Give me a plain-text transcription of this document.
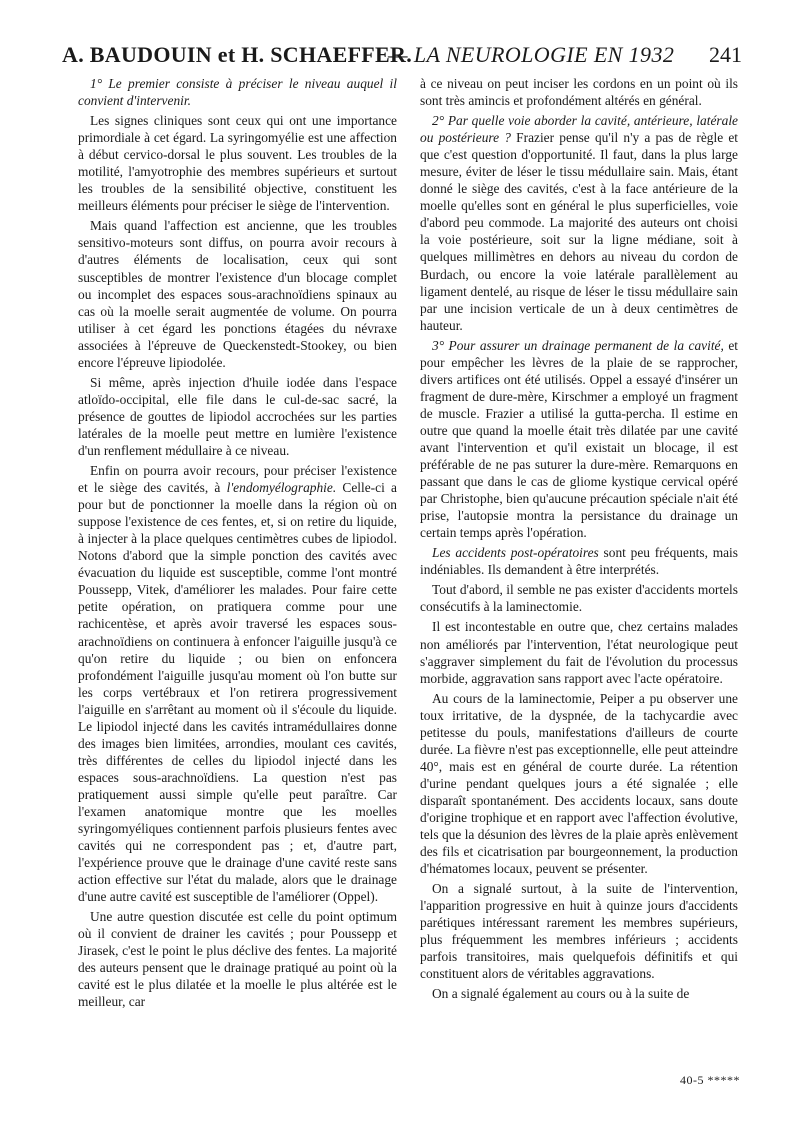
A. BAUDOUIN et H. SCHAEFFER.
— LA NEUROLOGIE EN 1932 241

1° Le premier consiste à préciser le niveau auquel il convient d'intervenir.

Les signes cliniques sont ceux qui ont une importance primordiale à cet égard. La syringomyélie est une affection à début cervico-dorsal le plus souvent. Les troubles de la motilité, l'amyotrophie des membres supérieurs et surtout les troubles de la sensibilité objective, constituent les meilleurs éléments pour préciser le siège de l'intervention.

Mais quand l'affection est ancienne, que les troubles sensitivo-moteurs sont diffus, on pourra avoir recours à d'autres éléments de localisation, ceux qui sont susceptibles de montrer l'existence d'un blocage complet ou incomplet des espaces sous-arachnoïdiens spinaux au cas où la moelle serait augmentée de volume. On pourra utiliser à cet égard les ponctions étagées du névraxe associées à l'épreuve de Queckenstedt-Stookey, ou bien encore l'épreuve lipiodolée.

Si même, après injection d'huile iodée dans l'espace atloïdo-occipital, elle file dans le cul-de-sac sacré, la présence de gouttes de lipiodol accrochées sur les parties latérales de la moelle peut mettre en lumière l'existence d'un renflement médullaire à ce niveau.

Enfin on pourra avoir recours, pour préciser l'existence et le siège des cavités, à l'endomyélographie. Celle-ci a pour but de ponctionner la moelle dans la région où on suppose l'existence de ces fentes, et, si on retire du liquide, à injecter à la place quelques centimètres cubes de lipiodol. Notons d'abord que la simple ponction des cavités avec évacuation du liquide est susceptible, comme l'ont montré Poussepp, Vitek, d'améliorer les malades. Pour faire cette petite opération, on pratiquera comme pour une rachicentèse, et après avoir traversé les espaces sous-arachnoïdiens on continuera à enfoncer l'aiguille jusqu'à ce qu'on retire du liquide ; ou bien on enfoncera profondément l'aiguille jusqu'au moment où l'on butte sur les corps vertébraux et l'on retirera progressivement l'aiguille en s'arrêtant au moment où il s'écoule du liquide. Le lipiodol injecté dans les cavités intramédullaires donne des images bien limitées, arrondies, moulant ces cavités, très différentes de celles du lipiodol injecté dans les espaces sous-arachnoïdiens. La question n'est pas pratiquement aussi simple qu'elle peut paraître. Car l'examen anatomique montre que les moelles syringomyéliques contiennent parfois plusieurs fentes avec cavités qui ne correspondent pas ; et, d'autre part, l'expérience prouve que le drainage d'une cavité reste sans action effective sur l'état du malade, alors que le drainage d'une autre cavité est susceptible de l'améliorer (Oppel).

Une autre question discutée est celle du point optimum où il convient de drainer les cavités ; pour Poussepp et Jirasek, c'est le point le plus déclive des fentes. La majorité des auteurs pensent que le drainage pratiqué au point où la cavité est le plus dilatée et la moelle le plus altérée est le meilleur, car

à ce niveau on peut inciser les cordons en un point où ils sont très amincis et profondément altérés en général.

2° Par quelle voie aborder la cavité, antérieure, latérale ou postérieure ? Frazier pense qu'il n'y a pas de règle et que c'est question d'opportunité. Il faut, dans la plus large mesure, éviter de léser le tissu médullaire sain. Mais, étant donné le siège des cavités, c'est à la face antérieure de la moelle qu'elles sont en général le plus superficielles, voie d'abord peu commode. La majorité des auteurs ont choisi la voie postérieure, soit sur la ligne médiane, soit à quelques millimètres en dehors au niveau du cordon de Burdach, ou encore la voie latérale parallèlement au ligament dentelé, au risque de léser le tissu médullaire sain par une incision verticale de un à deux centimètres de hauteur.

3° Pour assurer un drainage permanent de la cavité, et pour empêcher les lèvres de la plaie de se rapprocher, divers artifices ont été utilisés. Oppel a essayé d'insérer un fragment de dure-mère, Kirschmer a employé un fragment de muscle. Frazier a utilisé la gutta-percha. Il estime en outre que quand la moelle était très dilatée par une cavité avant l'intervention et qu'il existait un blocage, il est préférable de ne pas suturer la dure-mère. Remarquons en passant que dans le cas de gliome kystique cervical opéré par Christophe, bien qu'aucune précaution spéciale n'ait été prise, l'autopsie montra la persistance du drainage un certain temps après l'opération.

Les accidents post-opératoires sont peu fréquents, mais indéniables. Ils demandent à être interprétés.

Tout d'abord, il semble ne pas exister d'accidents mortels consécutifs à la laminectomie.

Il est incontestable en outre que, chez certains malades non améliorés par l'intervention, l'état neurologique peut s'aggraver simplement du fait de l'évolution du processus morbide, aggravation sans rapport avec l'acte opératoire.

Au cours de la laminectomie, Peiper a pu observer une toux irritative, de la dyspnée, de la tachycardie avec petitesse du pouls, manifestations d'ailleurs de courte durée. La fièvre n'est pas exceptionnelle, elle peut atteindre 40°, mais est en général de courte durée. La rétention d'urine pendant quelques jours a été signalée ; elle disparaît spontanément. Des accidents locaux, sans doute d'origine trophique et en rapport avec l'affection évolutive, tels que la désunion des lèvres de la plaie après enlèvement des fils et cicatrisation par bourgeonnement, la production d'hématomes locaux, peuvent se présenter.

On a signalé surtout, à la suite de l'intervention, l'apparition progressive en huit à quinze jours d'accidents parétiques intéressant rarement les membres supérieurs, plus fréquemment les membres inférieurs ; accidents parfois transitoires, mais quelquefois définitifs et qui constituent alors de véritables aggravations.

On a signalé également au cours ou à la suite de

40-5 *****
